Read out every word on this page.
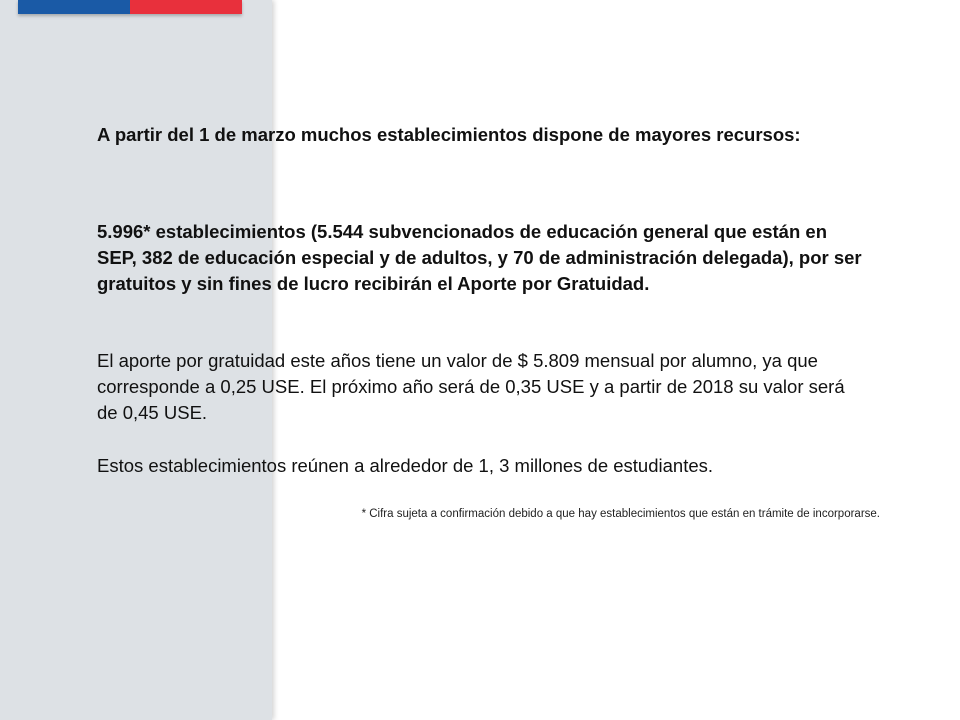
A partir del 1 de marzo muchos establecimientos dispone de mayores recursos:

5.996* establecimientos (5.544 subvencionados de educación general que están en SEP, 382 de educación especial y de adultos, y 70 de administración delegada), por ser gratuitos y sin fines de lucro recibirán el Aporte por Gratuidad.

El aporte por gratuidad este años tiene un valor de $ 5.809 mensual por alumno, ya que corresponde a 0,25 USE. El próximo año será de 0,35 USE y a partir de 2018 su valor será de 0,45 USE.

Estos establecimientos reúnen a alrededor de 1, 3 millones de estudiantes.

* Cifra sujeta a confirmación debido a que hay establecimientos que están en trámite de incorporarse.
